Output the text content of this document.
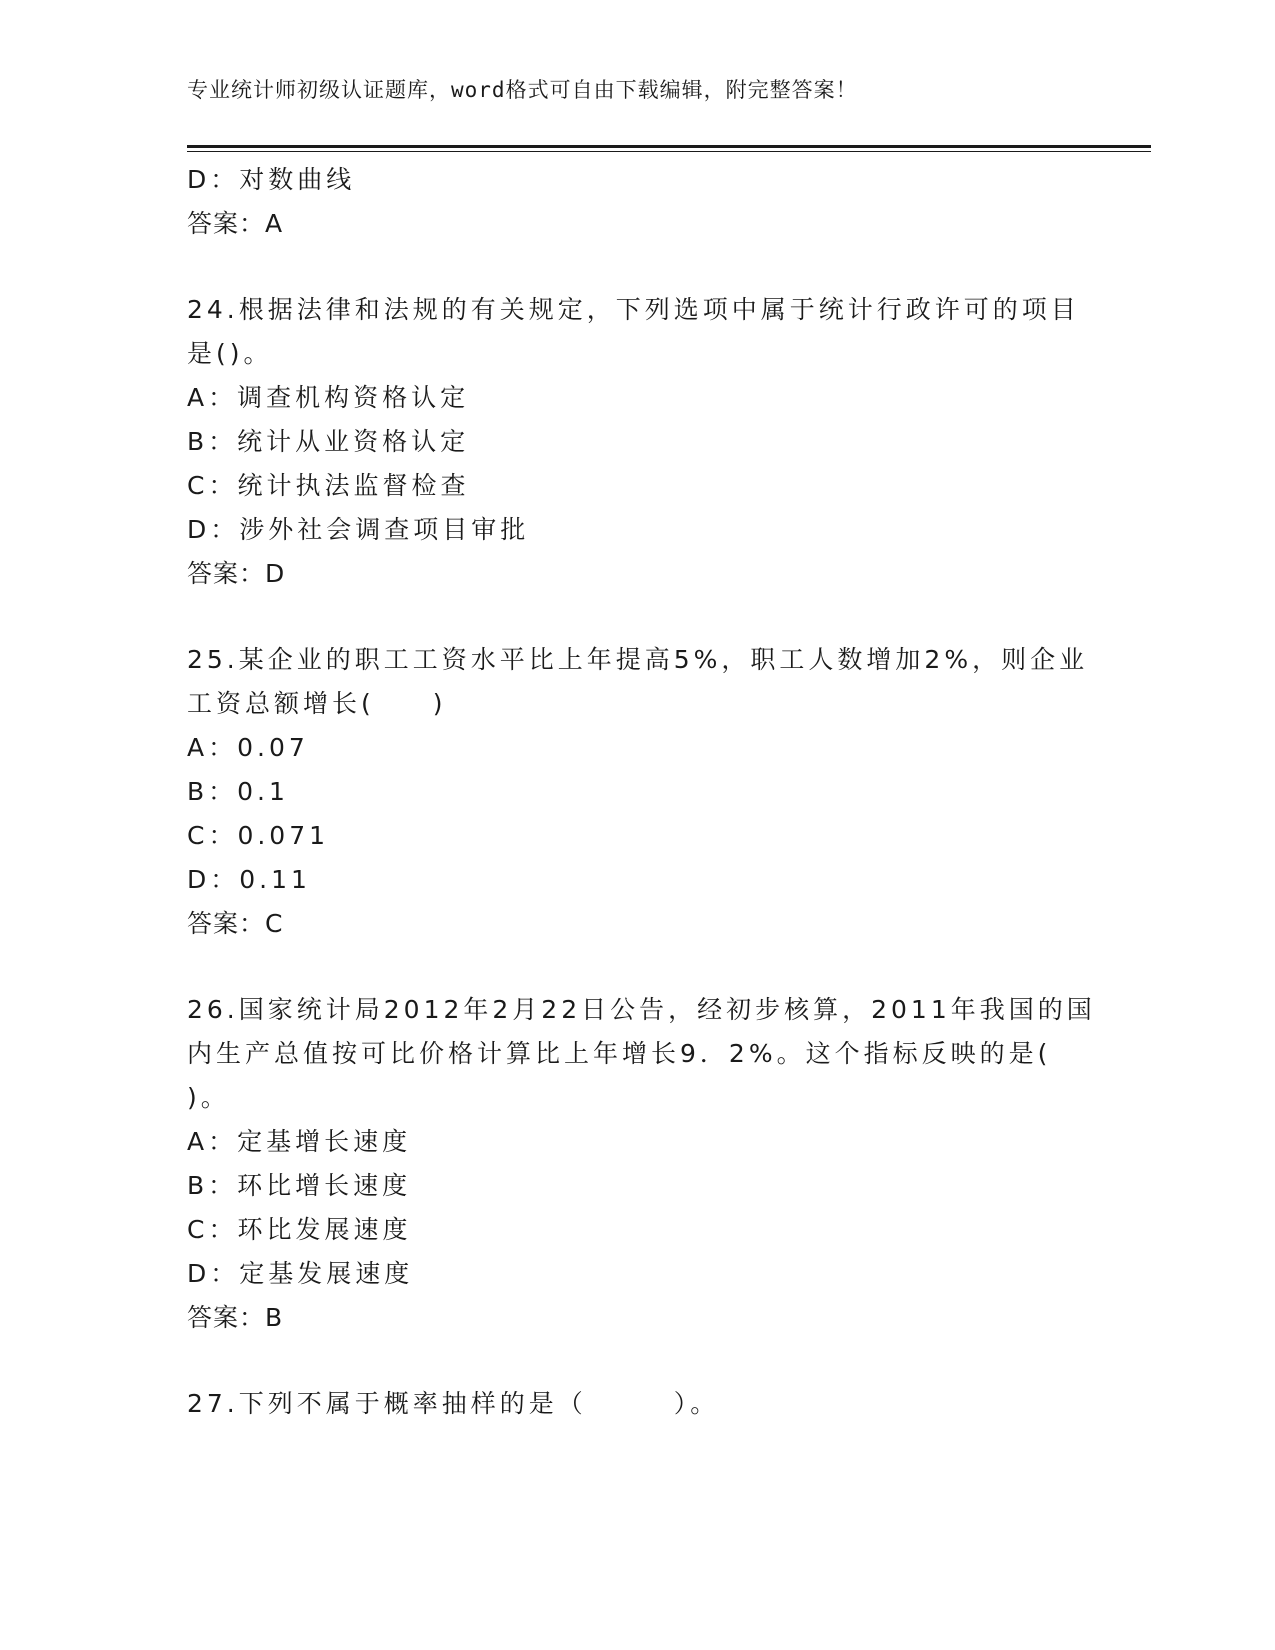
专业统计师初级认证题库，word格式可自由下载编辑，附完整答案！
D：对数曲线
答案：A
24.根据法律和法规的有关规定，下列选项中属于统计行政许可的项目
是()。
A：调查机构资格认定
B：统计从业资格认定
C：统计执法监督检查
D：涉外社会调查项目审批
答案：D
25.某企业的职工工资水平比上年提高5%，职工人数增加2%，则企业
工资总额增长(　　)
A：0.07
B：0.1
C：0.071
D：0.11
答案：C
26.国家统计局2012年2月22日公告，经初步核算，2011年我国的国
内生产总值按可比价格计算比上年增长9．2%。这个指标反映的是(
)。
A：定基增长速度
B：环比增长速度
C：环比发展速度
D：定基发展速度
答案：B
27.下列不属于概率抽样的是（　　　）。
